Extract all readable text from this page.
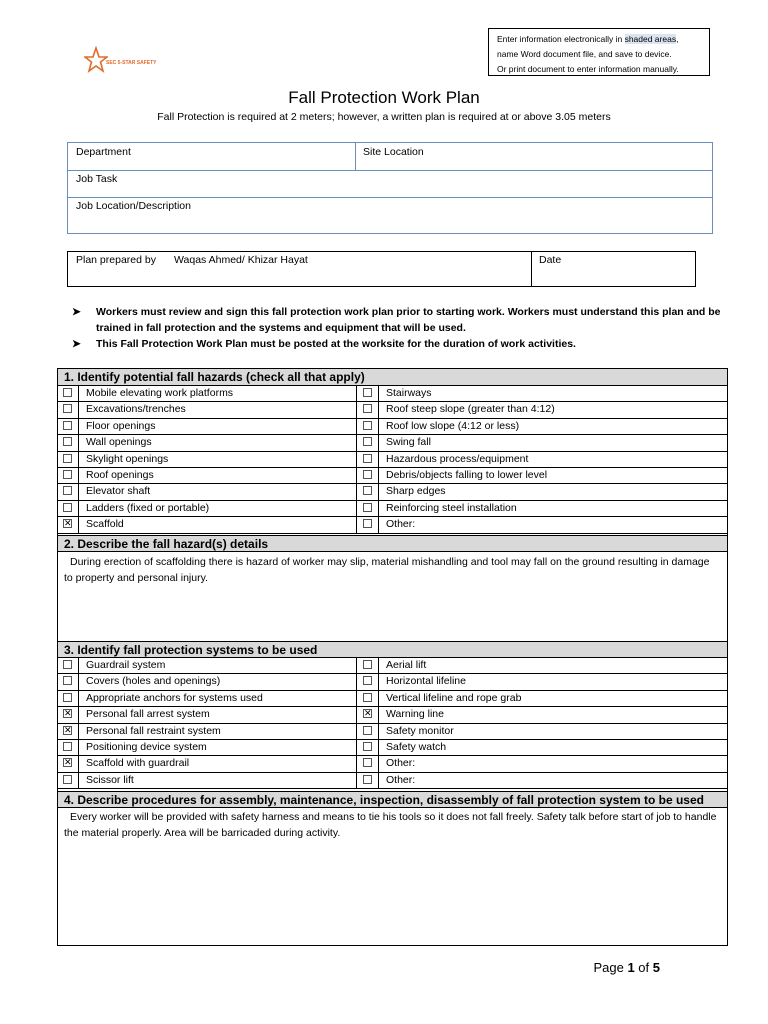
Enter information electronically in shaded areas,
name Word document file, and save to device.
Or print document to enter information manually.
SEC 5-STAR SAFETY
Fall Protection Work Plan
Fall Protection is required at 2 meters; however, a written plan is required at or above 3.05 meters
Department	Site Location
Job Task
Job Location/Description
Plan prepared by Waqas Ahmed/ Khizar Hayat	Date
➤	Workers must review and sign this fall protection work plan prior to starting work. Workers must understand this plan and be trained in fall protection and the systems and equipment that will be used.
➤	This Fall Protection Work Plan must be posted at the worksite for the duration of work activities.
1. Identify potential fall hazards (check all that apply)
Mobile elevating work platforms	Stairways
Excavations/trenches	Roof steep slope (greater than 4:12)
Floor openings	Roof low slope (4:12 or less)
Wall openings	Swing fall
Skylight openings	Hazardous process/equipment
Roof openings	Debris/objects falling to lower level
Elevator shaft	Sharp edges
Ladders (fixed or portable)	Reinforcing steel installation
✕ Scaffold	Other:
2. Describe the fall hazard(s) details
During erection of scaffolding there is hazard of worker may slip, material mishandling and tool may fall on the ground resulting in damage to property and personal injury.
3. Identify fall protection systems to be used
Guardrail system	Aerial lift
Covers (holes and openings)	Horizontal lifeline
Appropriate anchors for systems used	Vertical lifeline and rope grab
✕ Personal fall arrest system	✕ Warning line
✕ Personal fall restraint system	Safety monitor
Positioning device system	Safety watch
✕ Scaffold with guardrail	Other:
Scissor lift	Other:
4. Describe procedures for assembly, maintenance, inspection, disassembly of fall protection system to be used
Every worker will be provided with safety harness and means to tie his tools so it does not fall freely. Safety talk before start of job to handle the material properly. Area will be barricaded during activity.
Page 1 of 5
